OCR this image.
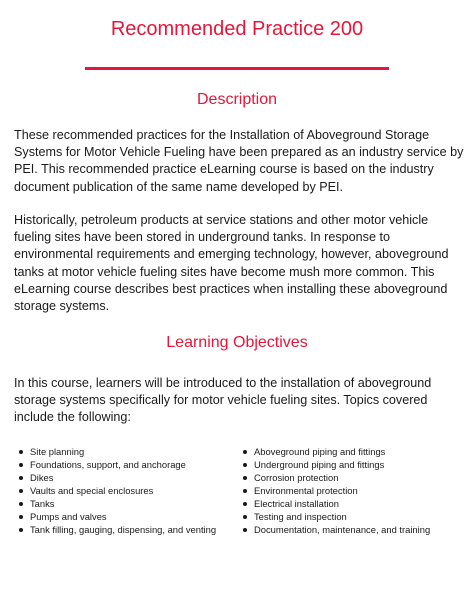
Recommended Practice 200
Description

These recommended practices for the Installation of Aboveground Storage Systems for Motor Vehicle Fueling have been prepared as an industry service by PEI. This recommended practice eLearning course is based on the industry document publication of the same name developed by PEI.

Historically, petroleum products at service stations and other motor vehicle fueling sites have been stored in underground tanks. In response to environmental requirements and emerging technology, however, aboveground tanks at motor vehicle fueling sites have become mush more common. This eLearning course describes best practices when installing these aboveground storage systems.

Learning Objectives

In this course, learners will be introduced to the installation of aboveground storage systems specifically for motor vehicle fueling sites. Topics covered include the following:

Site planning
Foundations, support, and anchorage
Dikes
Vaults and special enclosures
Tanks
Pumps and valves
Tank filling, gauging, dispensing, and venting
Aboveground piping and fittings
Underground piping and fittings
Corrosion protection
Environmental protection
Electrical installation
Testing and inspection
Documentation, maintenance, and training
